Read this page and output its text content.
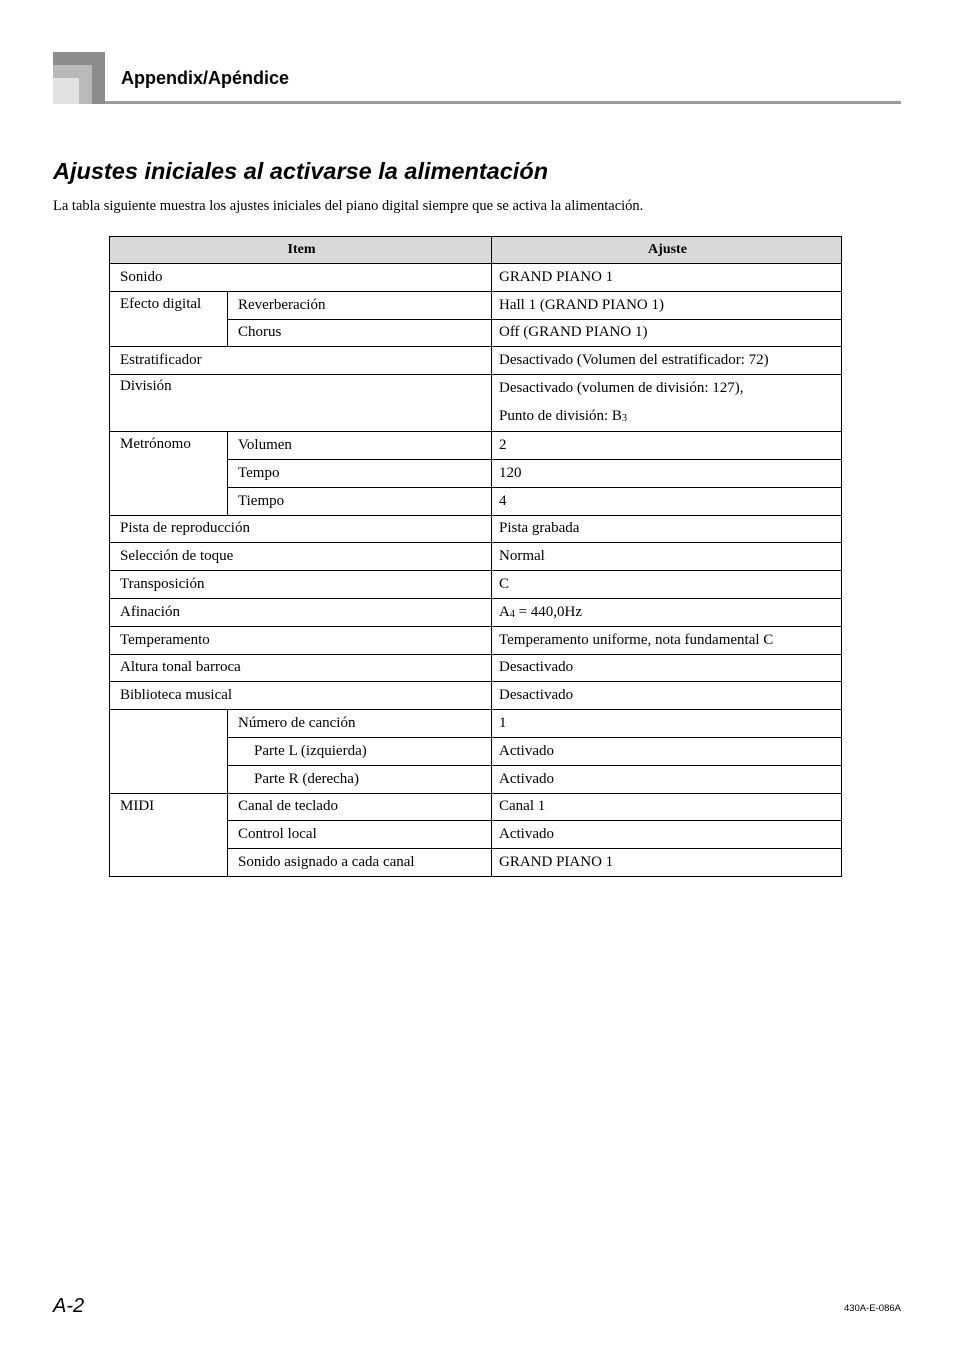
Appendix/Apéndice
Ajustes iniciales al activarse la alimentación

La tabla siguiente muestra los ajustes iniciales del piano digital siempre que se activa la alimentación.

Item		Ajuste
Sonido		GRAND PIANO 1
Efecto digital	Reverberación	Hall 1 (GRAND PIANO 1)
	Chorus	Off (GRAND PIANO 1)
Estratificador		Desactivado (Volumen del estratificador: 72)
División		Desactivado (volumen de división: 127),
Punto de división: $B_3$

Metrónomo	Volumen	2
	Tempo	120
	Tiempo	4
Pista de reproducción		Pista grabada
Selección de toque		Normal
Transposición		C
Afinación		$A_4 = 440,0Hz$
Temperamento		Temperamento uniforme, nota fundamental C
Altura tonal barroca		Desactivado
Biblioteca musical		Desactivado
	Número de canción	1
	Parte L (izquierda)	Activado
	Parte R (derecha)	Activado
MIDI	Canal de teclado	Canal 1
	Control local	Activado
	Sonido asignado a cada canal	GRAND PIANO 1
A-2	430A-E-086A
